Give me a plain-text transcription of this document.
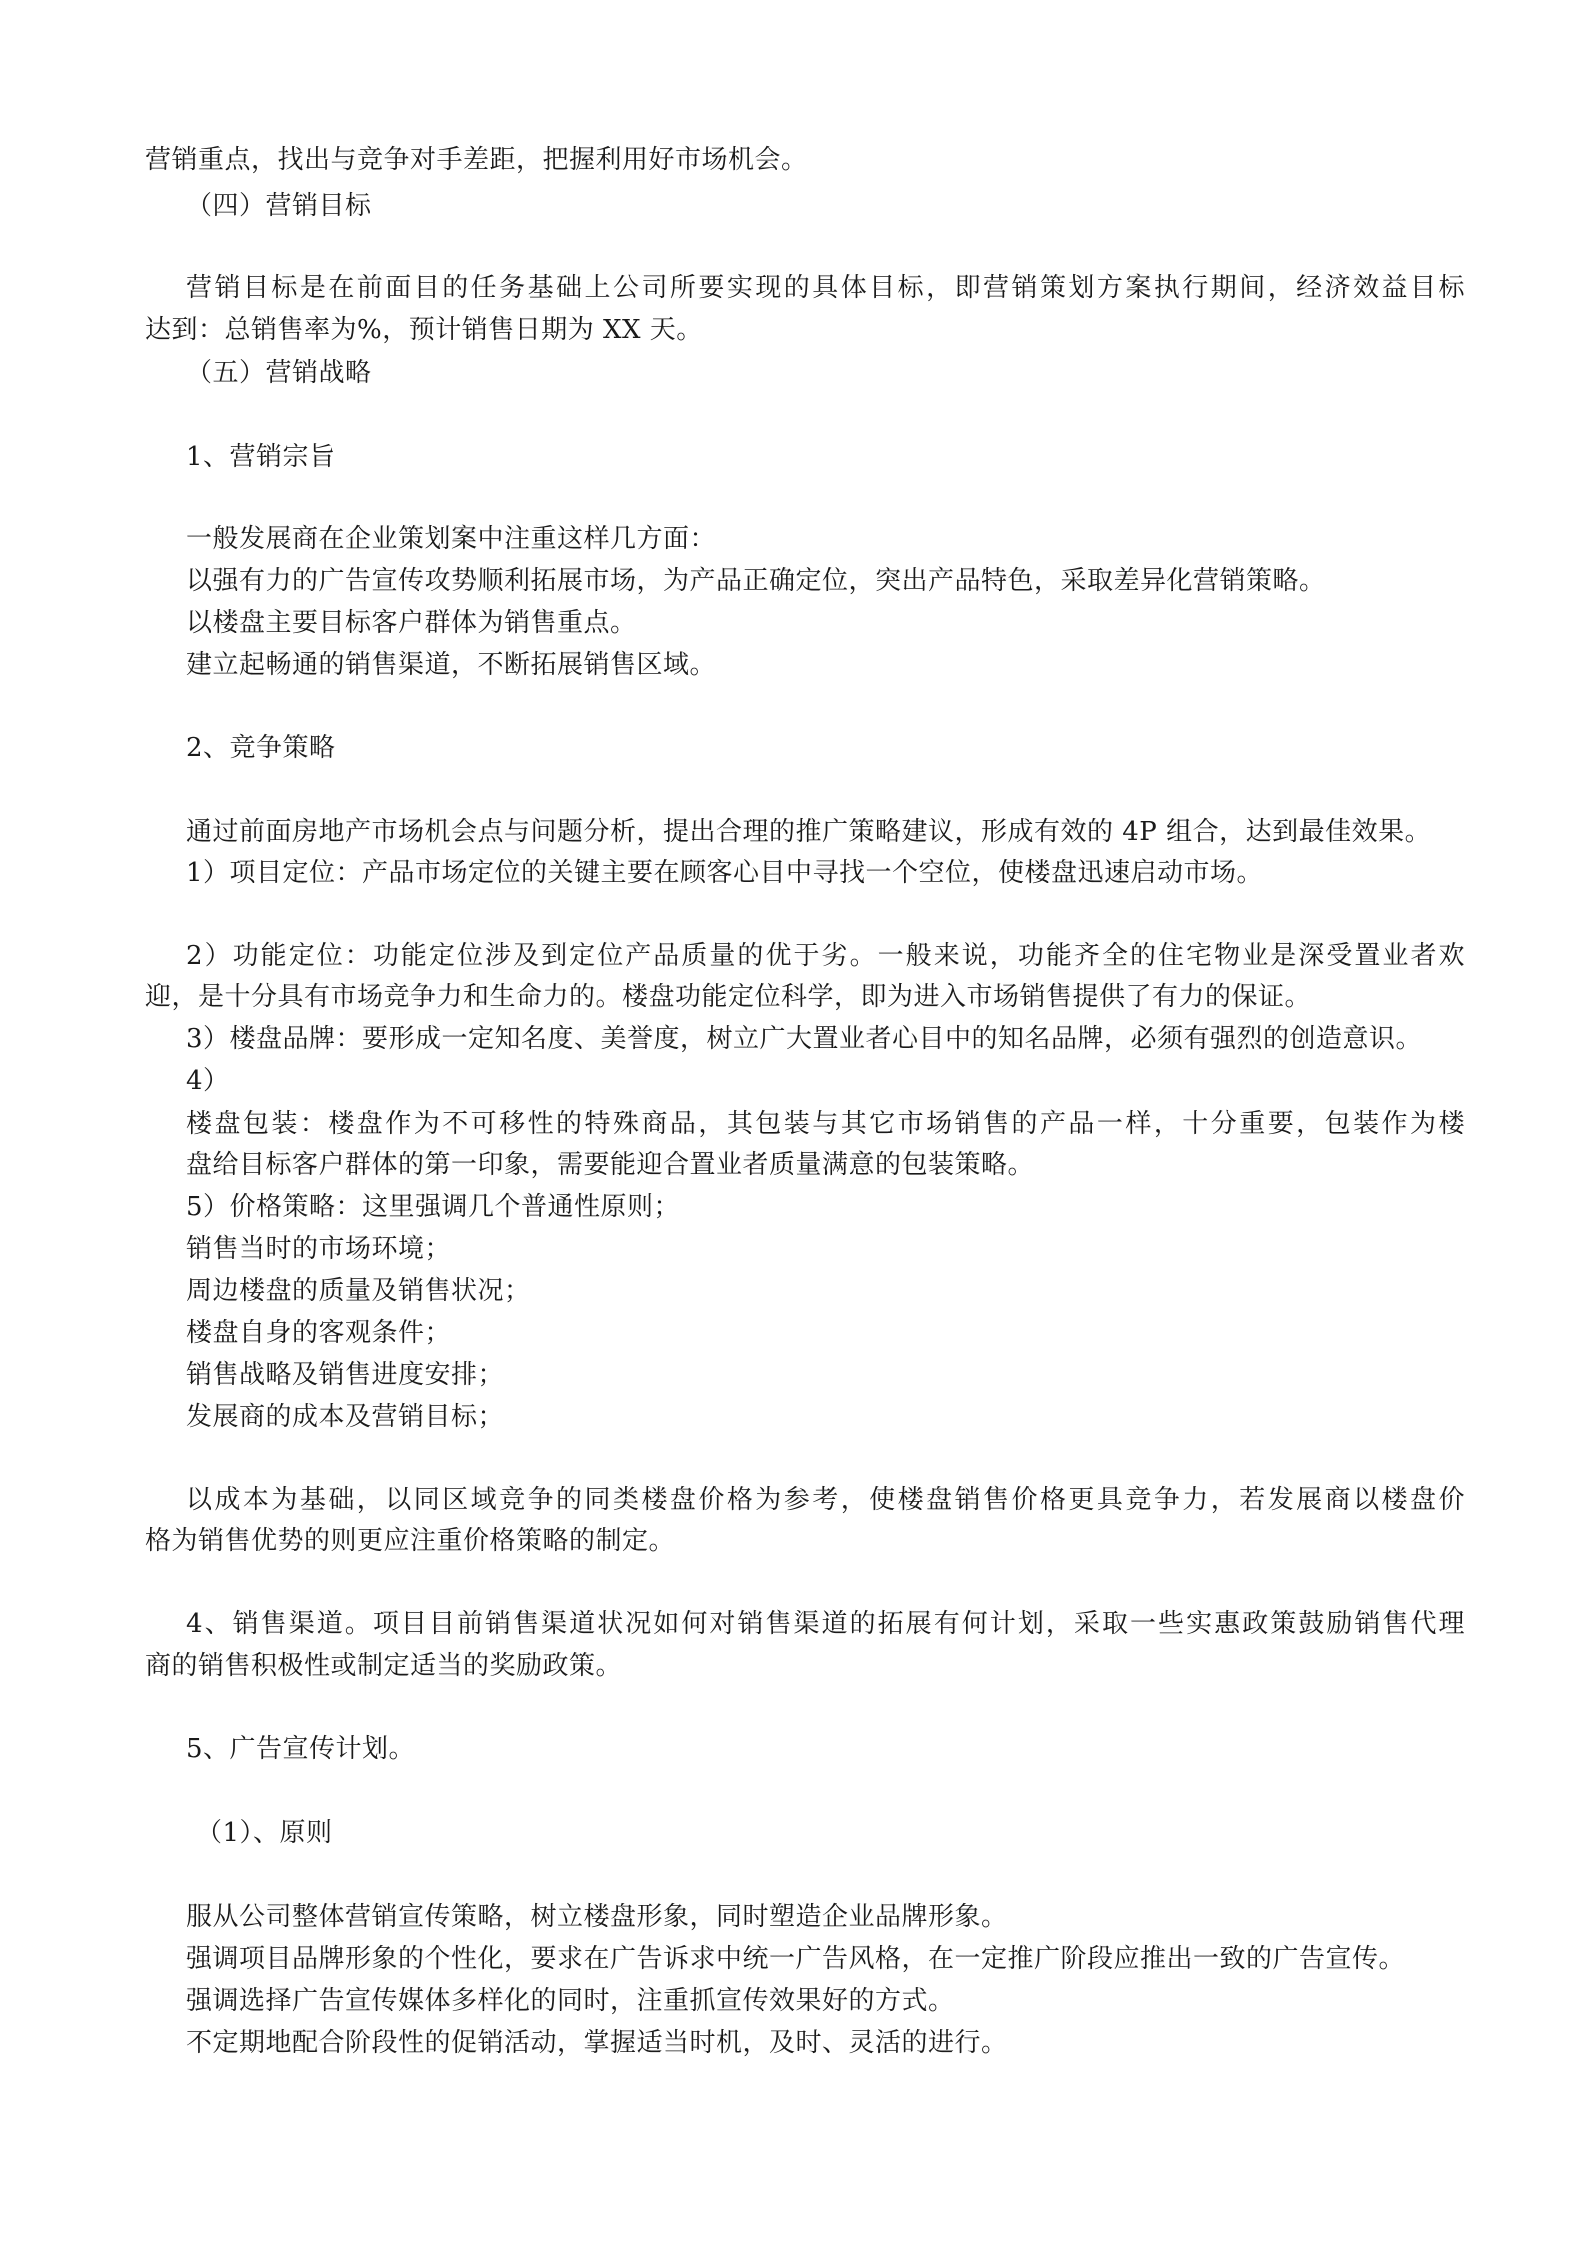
营销重点，找出与竞争对手差距，把握利用好市场机会。
（四）营销目标
营销目标是在前面目的任务基础上公司所要实现的具体目标，即营销策划方案执行期间，经济效益目标
达到：总销售率为%，预计销售日期为 XX 天。
（五）营销战略
1、营销宗旨
一般发展商在企业策划案中注重这样几方面：
以强有力的广告宣传攻势顺利拓展市场，为产品正确定位，突出产品特色，采取差异化营销策略。
以楼盘主要目标客户群体为销售重点。
建立起畅通的销售渠道，不断拓展销售区域。
2、竞争策略
通过前面房地产市场机会点与问题分析，提出合理的推广策略建议，形成有效的 4P 组合，达到最佳效果。
1）项目定位：产品市场定位的关键主要在顾客心目中寻找一个空位，使楼盘迅速启动市场。
2）功能定位：功能定位涉及到定位产品质量的优于劣。一般来说，功能齐全的住宅物业是深受置业者欢
迎，是十分具有市场竞争力和生命力的。楼盘功能定位科学，即为进入市场销售提供了有力的保证。
3）楼盘品牌：要形成一定知名度、美誉度，树立广大置业者心目中的知名品牌，必须有强烈的创造意识。
4）
楼盘包装：楼盘作为不可移性的特殊商品，其包装与其它市场销售的产品一样，十分重要，包装作为楼
盘给目标客户群体的第一印象，需要能迎合置业者质量满意的包装策略。
5）价格策略：这里强调几个普通性原则；
销售当时的市场环境；
周边楼盘的质量及销售状况；
楼盘自身的客观条件；
销售战略及销售进度安排；
发展商的成本及营销目标；
以成本为基础，以同区域竞争的同类楼盘价格为参考，使楼盘销售价格更具竞争力，若发展商以楼盘价
格为销售优势的则更应注重价格策略的制定。
4、销售渠道。项目目前销售渠道状况如何对销售渠道的拓展有何计划，采取一些实惠政策鼓励销售代理
商的销售积极性或制定适当的奖励政策。
5、广告宣传计划。
（1）、原则
服从公司整体营销宣传策略，树立楼盘形象，同时塑造企业品牌形象。
强调项目品牌形象的个性化，要求在广告诉求中统一广告风格，在一定推广阶段应推出一致的广告宣传。
强调选择广告宣传媒体多样化的同时，注重抓宣传效果好的方式。
不定期地配合阶段性的促销活动，掌握适当时机，及时、灵活的进行。
